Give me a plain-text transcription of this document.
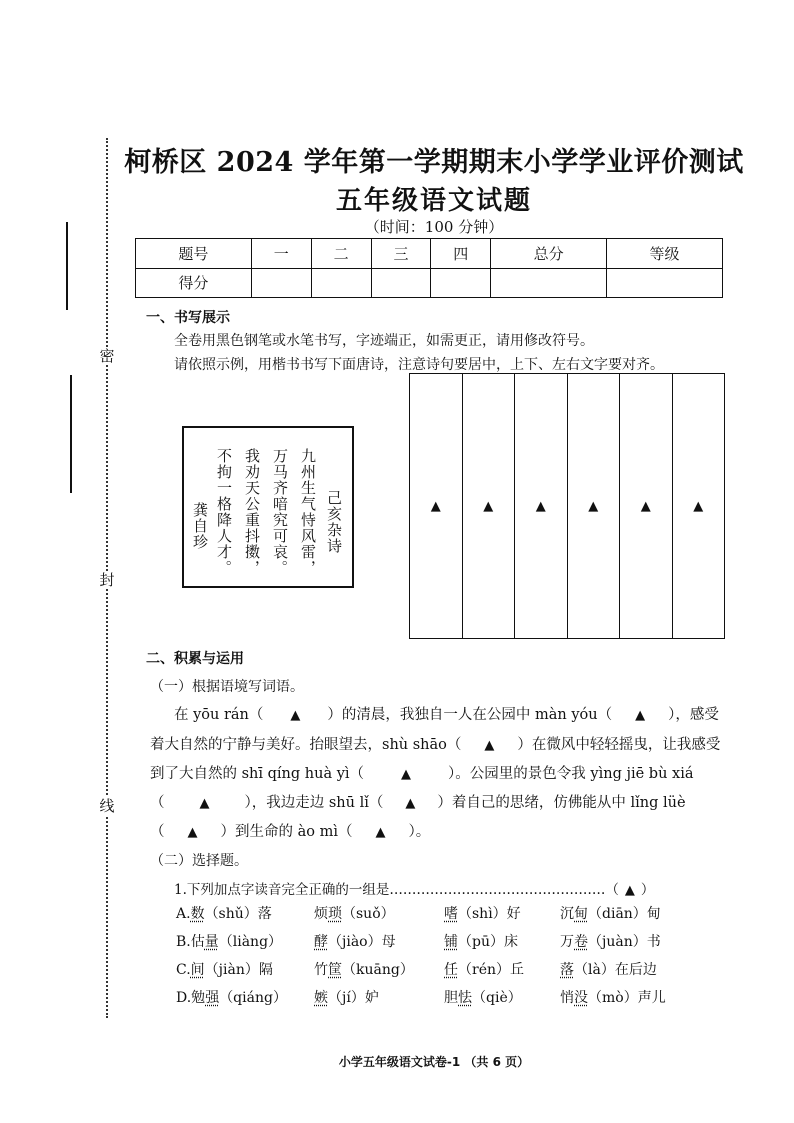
密
封
线
柯桥区 2024 学年第一学期期末小学学业评价测试
五年级语文试题
（时间：100 分钟）
题号	一	二	三	四	总分	等级
得分						
一、书写展示
全卷用黑色钢笔或水笔书写，字迹端正，如需更正，请用修改符号。
请依照示例，用楷书书写下面唐诗，注意诗句要居中，上下、左右文字要对齐。
己亥杂诗
九州生气恃风雷，
万马齐喑究可哀。
我劝天公重抖擞，
不拘一格降人才。
龚自珍	▲	▲	▲	▲	▲	▲
二、积累与运用
（一）根据语境写词语。
在 yōu rán（ ▲ ）的清晨，我独自一人在公园中 màn yóu（ ▲ ），感受
着大自然的宁静与美好。抬眼望去，shù shāo（ ▲ ）在微风中轻轻摇曳，让我感受
到了大自然的 shī qíng huà yì（	▲	）。公园里的景色令我 yìng jiē bù xiá
（	▲ ），我边走边 shū lǐ（ ▲ ）着自己的思绪，仿佛能从中 lǐng lüè
（ ▲ ）到生命的 ào mì（ ▲ ）。
（二）选择题。
1.下列加点字读音完全正确的一组是…………………………………………（ ▲ ）
A.数（shǔ）落	烦琐（suǒ）	嗜（shì）好	沉甸（diān）甸
B.估量（liàng） 酵（jiào）母	铺（pū）床	万卷（juàn）书
C.间（jiàn）隔	竹筐（kuāng） 任（rén）丘	落（là）在后边
D.勉强（qiáng） 嫉（jí）妒	胆怯（qiè）	悄没（mò）声儿
小学五年级语文试卷-1 （共 6 页）
